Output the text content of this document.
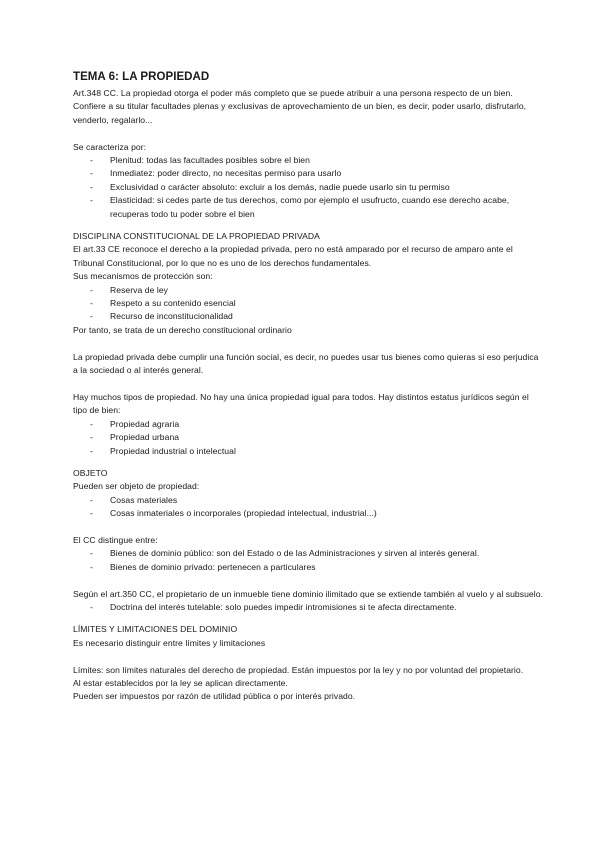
TEMA 6: LA PROPIEDAD

Art.348 CC. La propiedad otorga el poder más completo que se puede atribuir a una persona respecto de un bien. Confiere a su titular facultades plenas y exclusivas de aprovechamiento de un bien, es decir, poder usarlo, disfrutarlo, venderlo, regalarlo...

Se caracteriza por:

- Plenitud: todas las facultades posibles sobre el bien
- Inmediatez: poder directo, no necesitas permiso para usarlo
- Exclusividad o carácter absoluto: excluir a los demás, nadie puede usarlo sin tu permiso
- Elasticidad: si cedes parte de tus derechos, como por ejemplo el usufructo, cuando ese derecho acabe, recuperas todo tu poder sobre el bien

DISCIPLINA CONSTITUCIONAL DE LA PROPIEDAD PRIVADA

El art.33 CE reconoce el derecho a la propiedad privada, pero no está amparado por el recurso de amparo ante el Tribunal Constitucional, por lo que no es uno de los derechos fundamentales.

Sus mecanismos de protección son:

- Reserva de ley
- Respeto a su contenido esencial
- Recurso de inconstitucionalidad

Por tanto, se trata de un derecho constitucional ordinario

La propiedad privada debe cumplir una función social, es decir, no puedes usar tus bienes como quieras si eso perjudica a la sociedad o al interés general.

Hay muchos tipos de propiedad. No hay una única propiedad igual para todos. Hay distintos estatus jurídicos según el tipo de bien:

- Propiedad agraria
- Propiedad urbana
- Propiedad industrial o intelectual

OBJETO

Pueden ser objeto de propiedad:

- Cosas materiales
- Cosas inmateriales o incorporales (propiedad intelectual, industrial...)

El CC distingue entre:

- Bienes de dominio público: son del Estado o de las Administraciones y sirven al interés general.
- Bienes de dominio privado: pertenecen a particulares

Según el art.350 CC, el propietario de un inmueble tiene dominio ilimitado que se extiende también al vuelo y al subsuelo.

- Doctrina del interés tutelable: solo puedes impedir intromisiones si te afecta directamente.

LÍMITES Y LIMITACIONES DEL DOMINIO

Es necesario distinguir entre límites y limitaciones

Límites: son límites naturales del derecho de propiedad. Están impuestos por la ley y no por voluntad del propietario.

Al estar establecidos por la ley se aplican directamente.

Pueden ser impuestos por razón de utilidad pública o por interés privado.
